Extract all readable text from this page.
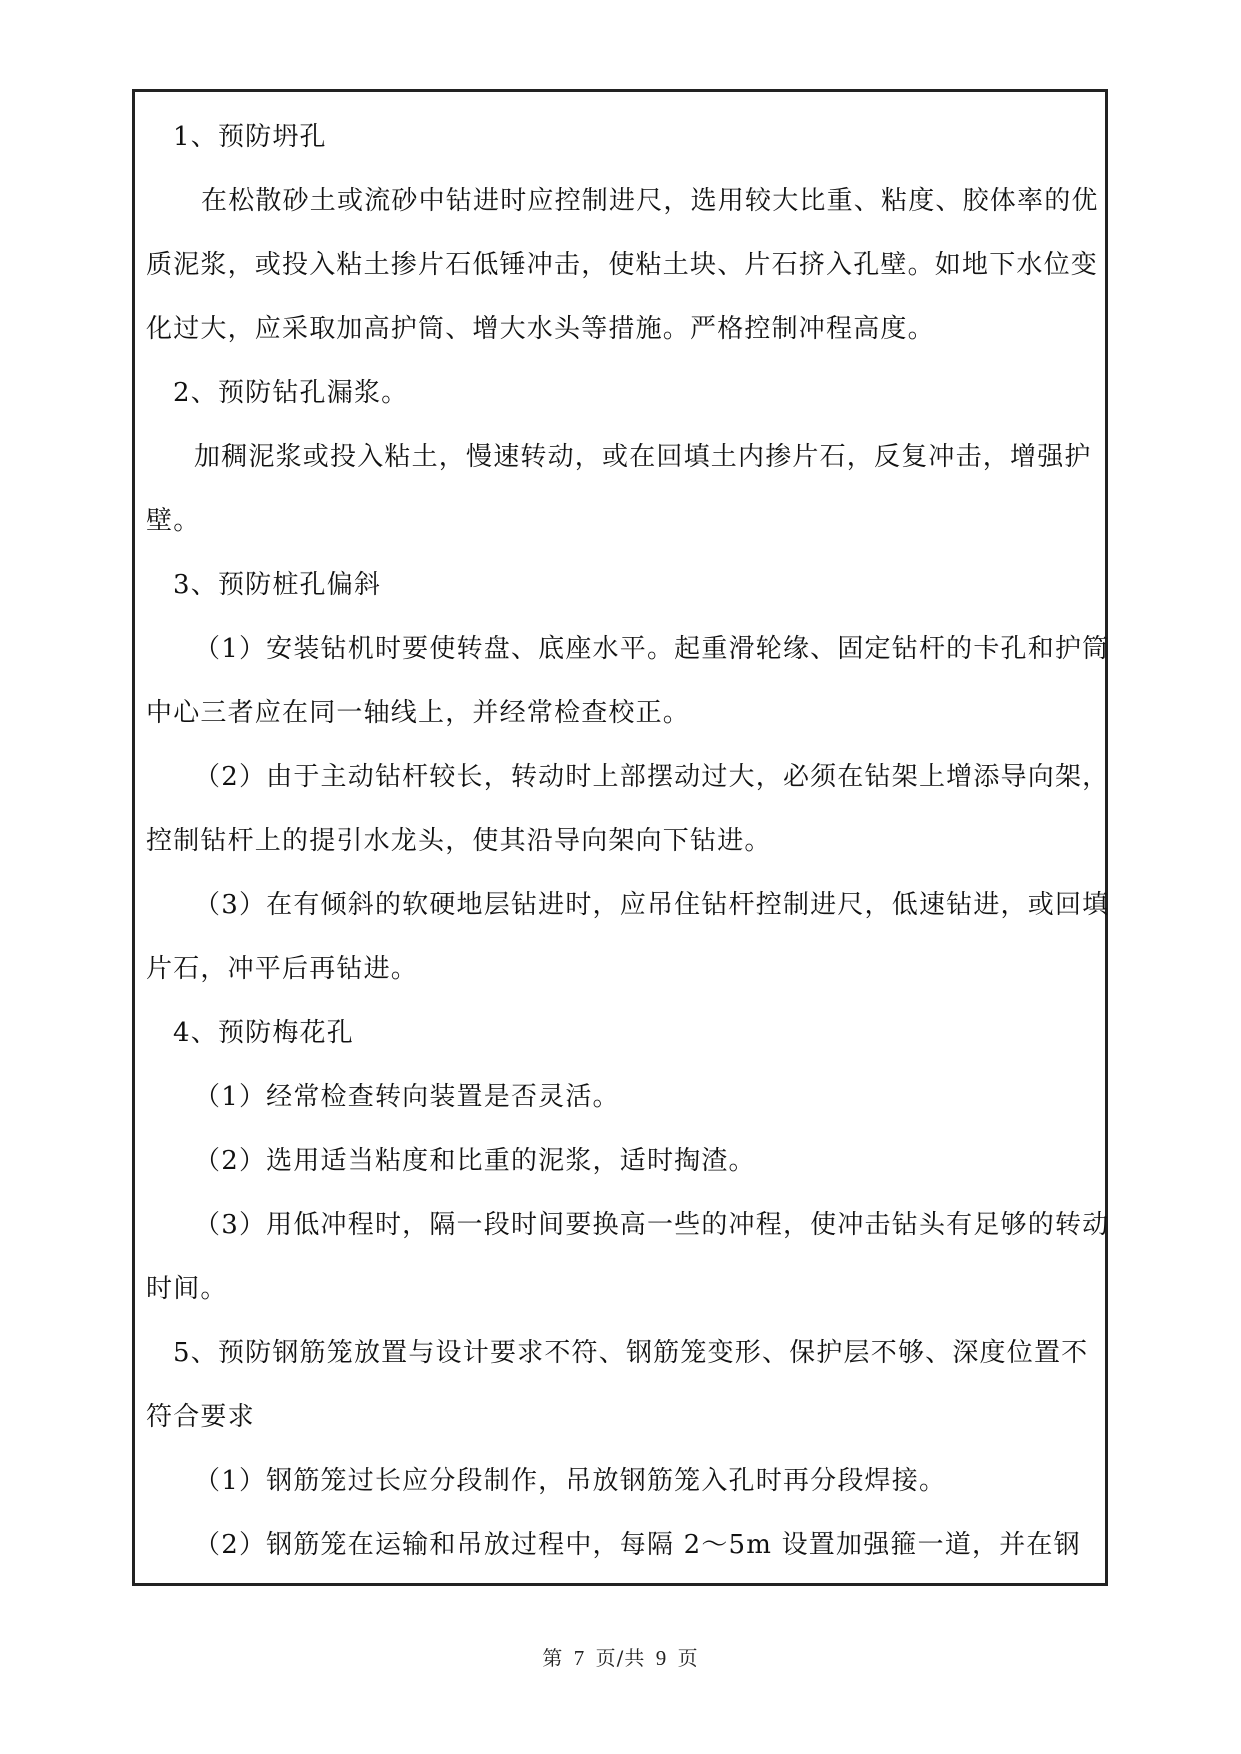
1、预防坍孔

在松散砂土或流砂中钻进时应控制进尺，选用较大比重、粘度、胶体率的优质泥浆，或投入粘土掺片石低锤冲击，使粘土块、片石挤入孔壁。如地下水位变化过大，应采取加高护筒、增大水头等措施。严格控制冲程高度。

2、预防钻孔漏浆。

加稠泥浆或投入粘土，慢速转动，或在回填土内掺片石，反复冲击，增强护壁。

3、预防桩孔偏斜

（1）安装钻机时要使转盘、底座水平。起重滑轮缘、固定钻杆的卡孔和护筒中心三者应在同一轴线上，并经常检查校正。

（2）由于主动钻杆较长，转动时上部摆动过大，必须在钻架上增添导向架，控制钻杆上的提引水龙头，使其沿导向架向下钻进。

（3）在有倾斜的软硬地层钻进时，应吊住钻杆控制进尺，低速钻进，或回填片石，冲平后再钻进。

4、预防梅花孔

（1）经常检查转向装置是否灵活。

（2）选用适当粘度和比重的泥浆，适时掏渣。

（3）用低冲程时，隔一段时间要换高一些的冲程，使冲击钻头有足够的转动时间。

5、预防钢筋笼放置与设计要求不符、钢筋笼变形、保护层不够、深度位置不符合要求

（1）钢筋笼过长应分段制作，吊放钢筋笼入孔时再分段焊接。

（2）钢筋笼在运输和吊放过程中，每隔 2～5m 设置加强箍一道，并在钢

第 7 页/共 9 页
